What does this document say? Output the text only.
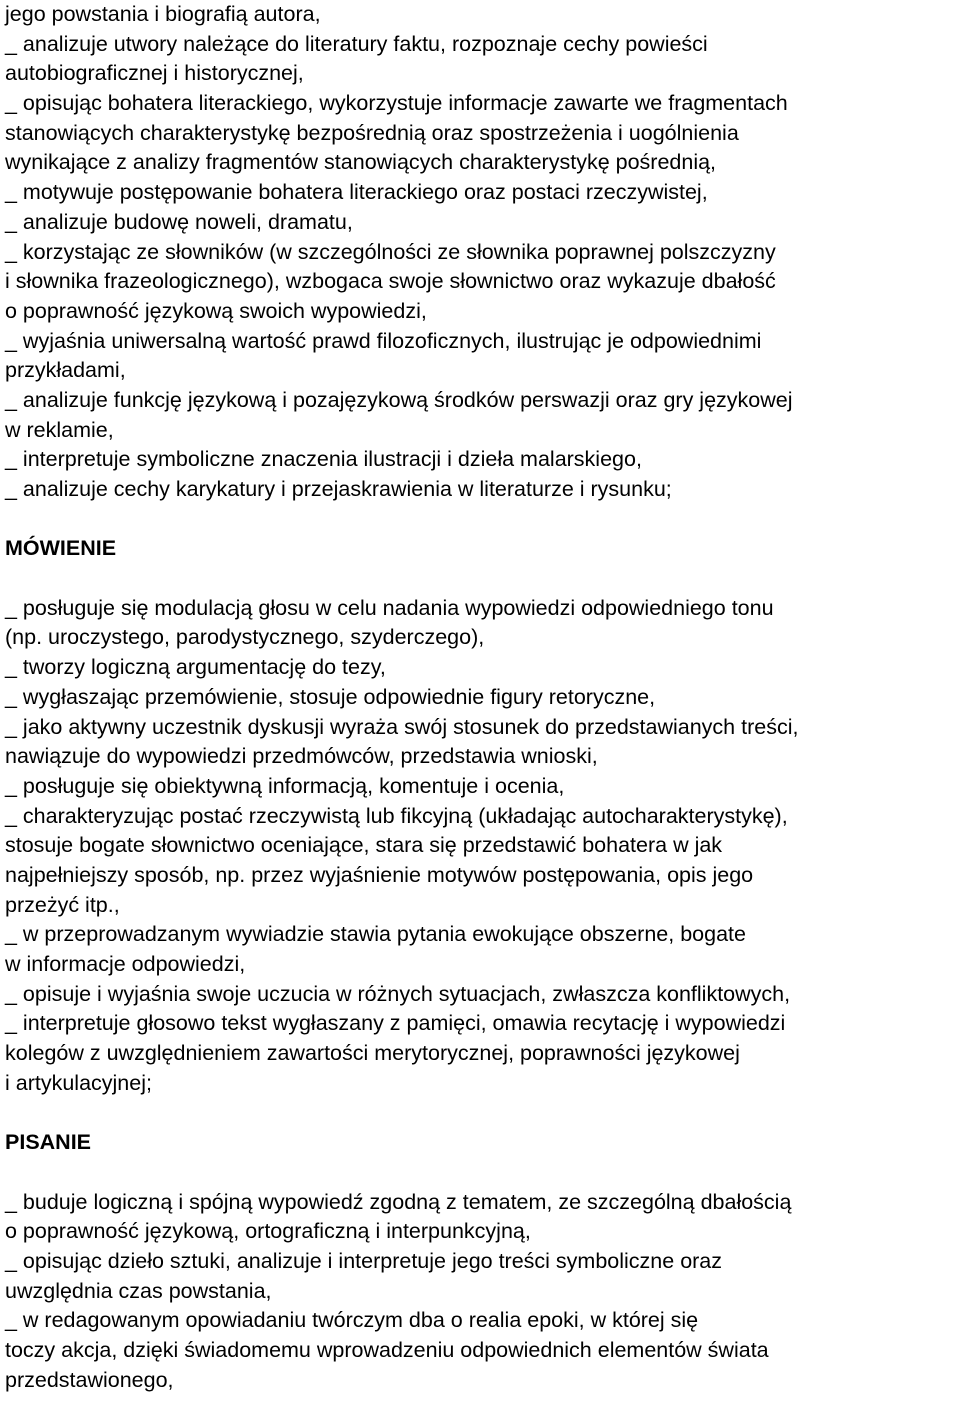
jego powstania i biografią autora,
_ analizuje utwory należące do literatury faktu, rozpoznaje cechy powieści
autobiograficznej i historycznej,
_ opisując bohatera literackiego, wykorzystuje informacje zawarte we fragmentach
stanowiących charakterystykę bezpośrednią oraz spostrzeżenia i uogólnienia
wynikające z analizy fragmentów stanowiących charakterystykę pośrednią,
_ motywuje postępowanie bohatera literackiego oraz postaci rzeczywistej,
_ analizuje budowę noweli, dramatu,
_ korzystając ze słowników (w szczególności ze słownika poprawnej polszczyzny
i słownika frazeologicznego), wzbogaca swoje słownictwo oraz wykazuje dbałość
o poprawność językową swoich wypowiedzi,
_ wyjaśnia uniwersalną wartość prawd filozoficznych, ilustrując je odpowiednimi
przykładami,
_ analizuje funkcję językową i pozajęzykową środków perswazji oraz gry językowej
w reklamie,
_ interpretuje symboliczne znaczenia ilustracji i dzieła malarskiego,
_ analizuje cechy karykatury i przejaskrawienia w literaturze i rysunku;
MÓWIENIE
_ posługuje się modulacją głosu w celu nadania wypowiedzi odpowiedniego tonu
(np. uroczystego, parodystycznego, szyderczego),
_ tworzy logiczną argumentację do tezy,
_ wygłaszając przemówienie, stosuje odpowiednie figury retoryczne,
_ jako aktywny uczestnik dyskusji wyraża swój stosunek do przedstawianych treści,
nawiązuje do wypowiedzi przedmówców, przedstawia wnioski,
_ posługuje się obiektywną informacją, komentuje i ocenia,
_ charakteryzując postać rzeczywistą lub fikcyjną (układając autocharakterystykę),
stosuje bogate słownictwo oceniające, stara się przedstawić bohatera w jak
najpełniejszy sposób, np. przez wyjaśnienie motywów postępowania, opis jego
przeżyć itp.,
_ w przeprowadzanym wywiadzie stawia pytania ewokujące obszerne, bogate
w informacje odpowiedzi,
_ opisuje i wyjaśnia swoje uczucia w różnych sytuacjach, zwłaszcza konfliktowych,
_ interpretuje głosowo tekst wygłaszany z pamięci, omawia recytację i wypowiedzi
kolegów z uwzględnieniem zawartości merytorycznej, poprawności językowej
i artykulacyjnej;
PISANIE
_ buduje logiczną i spójną wypowiedź zgodną z tematem, ze szczególną dbałością
o poprawność językową, ortograficzną i interpunkcyjną,
_ opisując dzieło sztuki, analizuje i interpretuje jego treści symboliczne oraz
uwzględnia czas powstania,
_ w redagowanym opowiadaniu twórczym dba o realia epoki, w której się
toczy akcja, dzięki świadomemu wprowadzeniu odpowiednich elementów świata
przedstawionego,
